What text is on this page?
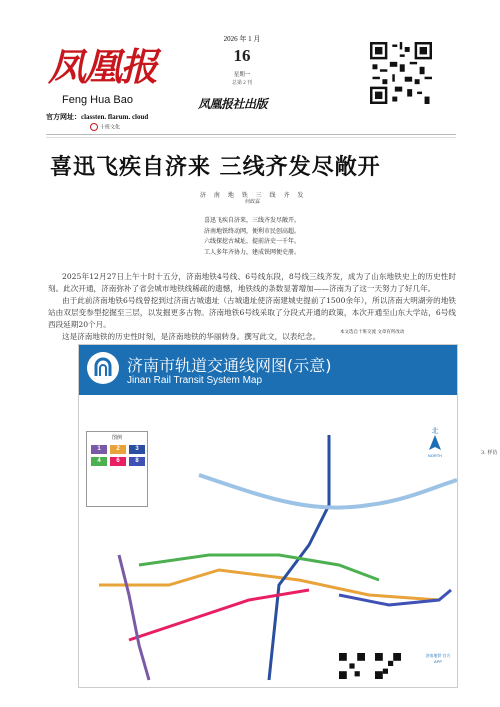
凤凰报
Feng Hua Bao
官方网址：classten. flarum. cloud
十班文化
2026 年 1 月
16
星期一
总第 2 刊
凤凰报社出版
喜迅飞疾自济来 三线齐发尽敞开
济 南 地 铁 三 线 齐 发
何政霖
喜迅飞疾自济来，三线齐发尽敞开。
济南地铁终动网，便利市民创高超。
六线探挖古城址，提前济史一千年。
工人多年齐协力，建成铁网便史册。

2025年12月27日上午十时十五分，济南地铁4号线、6号线东段，8号线三线齐发，成为了山东地铁史上的历史性时刻。此次开通，济南弥补了省会城市地铁线稀疏的遗憾，地铁线的条数显著增加——济南为了这一天努力了好几年。

由于此前济南地铁6号线曾挖到过济南古城遗址（古城遗址使济南建城史提前了1500余年），所以济南大明湖旁的地铁站由双层变参型挖掘至三层，以发掘更多古物。济南地铁6号线采取了分段式开通的政策，本次开通至山东大学站，6号线西段延期20个月。

这是济南地铁的历史性时刻，是济南地铁的华丽转身。撰写此文，以表纪念。	本文选自十班交流 文章有所改动
济南市轨道交通线网图(示意)
Jinan Rail Transit System Map
北
NORTH
图例
1	2	3
4	6	8
济南地铁 官方 APP
3. 样仿
